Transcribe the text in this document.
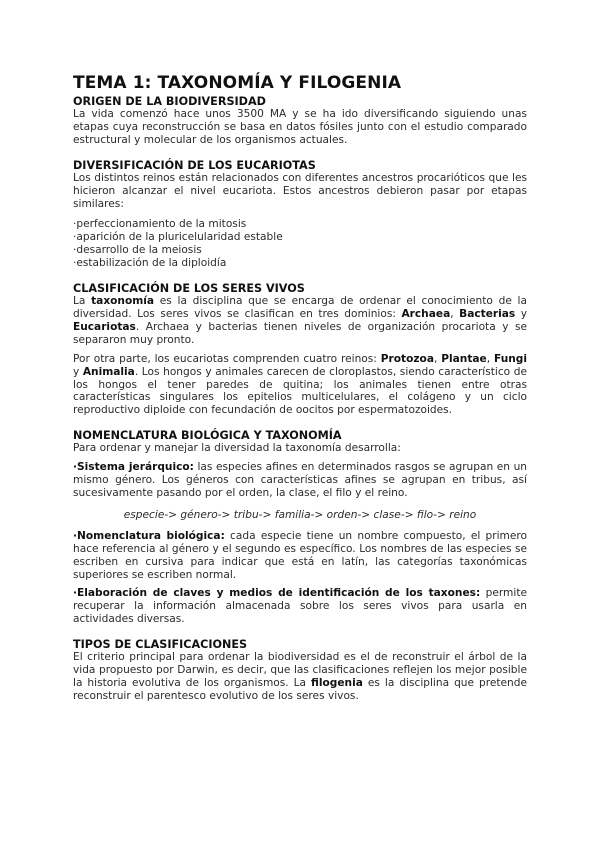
TEMA 1: TAXONOMÍA Y FILOGENIA
ORIGEN DE LA BIODIVERSIDAD

La vida comenzó hace unos 3500 MA y se ha ido diversificando siguiendo unas etapas cuya reconstrucción se basa en datos fósiles junto con el estudio comparado estructural y molecular de los organismos actuales.

DIVERSIFICACIÓN DE LOS EUCARIOTAS

Los distintos reinos están relacionados con diferentes ancestros procarióticos que les hicieron alcanzar el nivel eucariota. Estos ancestros debieron pasar por etapas similares:

·perfeccionamiento de la mitosis
·aparición de la pluricelularidad estable
·desarrollo de la meiosis
·estabilización de la diploidía
CLASIFICACIÓN DE LOS SERES VIVOS

La taxonomía es la disciplina que se encarga de ordenar el conocimiento de la diversidad. Los seres vivos se clasifican en tres dominios: Archaea, Bacterias y Eucariotas. Archaea y bacterias tienen niveles de organización procariota y se separaron muy pronto.

Por otra parte, los eucariotas comprenden cuatro reinos: Protozoa, Plantae, Fungi y Animalia. Los hongos y animales carecen de cloroplastos, siendo característico de los hongos el tener paredes de quitina; los animales tienen entre otras características singulares los epitelios multicelulares, el colágeno y un ciclo reproductivo diploide con fecundación de oocitos por espermatozoides.

NOMENCLATURA BIOLÓGICA Y TAXONOMÍA

Para ordenar y manejar la diversidad la taxonomía desarrolla:

·Sistema jerárquico: las especies afines en determinados rasgos se agrupan en un mismo género. Los géneros con características afines se agrupan en tribus, así sucesivamente pasando por el orden, la clase, el filo y el reino.

especie-> género-> tribu-> familia-> orden-> clase-> filo-> reino

·Nomenclatura biológica: cada especie tiene un nombre compuesto, el primero hace referencia al género y el segundo es específico. Los nombres de las especies se escriben en cursiva para indicar que está en latín, las categorías taxonómicas superiores se escriben normal.

·Elaboración de claves y medios de identificación de los taxones: permite recuperar la información almacenada sobre los seres vivos para usarla en actividades diversas.

TIPOS DE CLASIFICACIONES

El criterio principal para ordenar la biodiversidad es el de reconstruir el árbol de la vida propuesto por Darwin, es decir, que las clasificaciones reflejen los mejor posible la historia evolutiva de los organismos. La filogenia es la disciplina que pretende reconstruir el parentesco evolutivo de los seres vivos.
